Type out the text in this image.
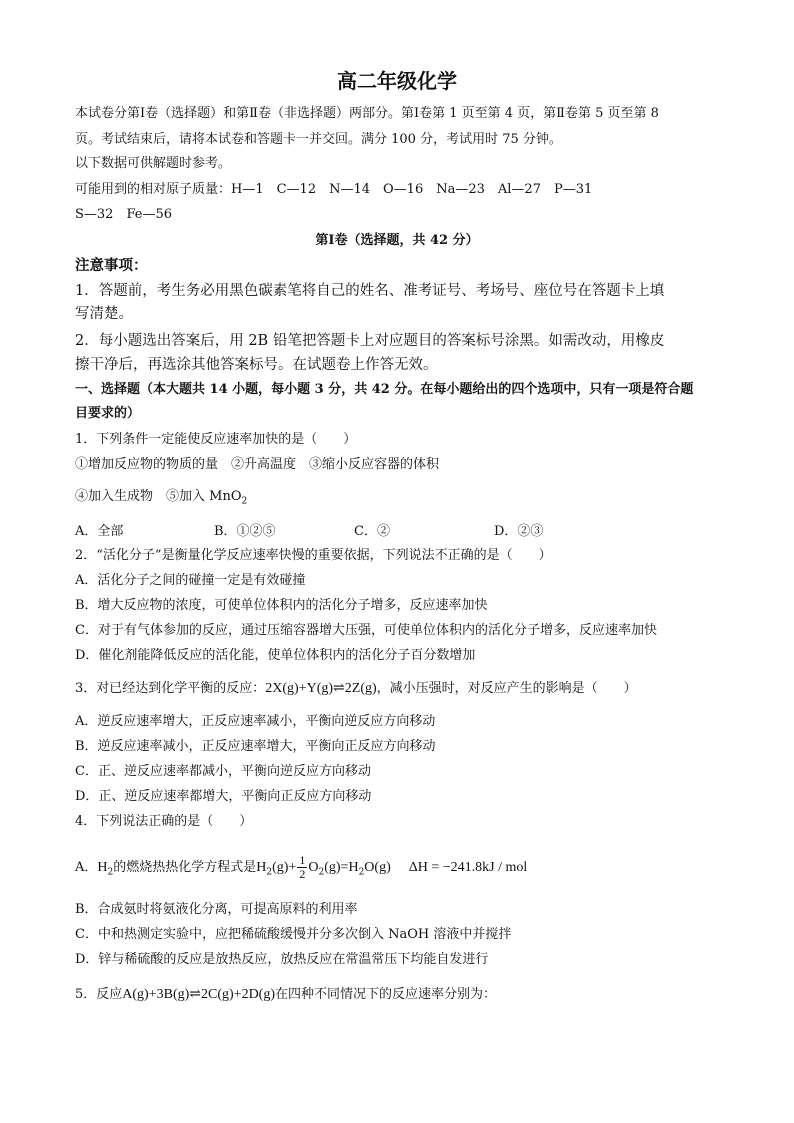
高二年级化学
本试卷分第Ⅰ卷（选择题）和第Ⅱ卷（非选择题）两部分。第Ⅰ卷第 1 页至第 4 页，第Ⅱ卷第 5 页至第 8
页。考试结束后，请将本试卷和答题卡一并交回。满分 100 分，考试用时 75 分钟。
以下数据可供解题时参考。
可能用到的相对原子质量：H—1　C—12　N—14　O—16　Na—23　Al—27　P—31
S—32　Fe—56
第Ⅰ卷（选择题，共 42 分）
注意事项：
1．答题前，考生务必用黑色碳素笔将自己的姓名、准考证号、考场号、座位号在答题卡上填
写清楚。
2．每小题选出答案后，用 2B 铅笔把答题卡上对应题目的答案标号涂黑。如需改动，用橡皮
擦干净后，再选涂其他答案标号。在试题卷上作答无效。
一、选择题（本大题共 14 小题，每小题 3 分，共 42 分。在每小题给出的四个选项中，只有一项是符合题
目要求的）
1．下列条件一定能使反应速率加快的是（　　）
①增加反应物的物质的量　②升高温度　③缩小反应容器的体积
④加入生成物　⑤加入 MnO$_2$
A．全部	B．①②⑤	C．②	D．②③
2．“活化分子”是衡量化学反应速率快慢的重要依据，下列说法不正确的是（　　）
A．活化分子之间的碰撞一定是有效碰撞
B．增大反应物的浓度，可使单位体积内的活化分子增多，反应速率加快
C．对于有气体参加的反应，通过压缩容器增大压强，可使单位体积内的活化分子增多，反应速率加快
D．催化剂能降低反应的活化能，使单位体积内的活化分子百分数增加
3．对已经达到化学平衡的反应：2X(g)+Y(g)⇌2Z(g)，减小压强时，对反应产生的影响是（　　）
A．逆反应速率增大，正反应速率减小，平衡向逆反应方向移动
B．逆反应速率减小，正反应速率增大，平衡向正反应方向移动
C．正、逆反应速率都减小，平衡向逆反应方向移动
D．正、逆反应速率都增大，平衡向正反应方向移动
4．下列说法正确的是（　　）
A．$H_2$的燃烧热热化学方程式是$H_2(g)+ \frac{1}{2} O_2(g)=H_2O(g) \Delta H = -241.8kJ$ / mol
B．合成氨时将氨液化分离，可提高原料的利用率
C．中和热测定实验中，应把稀硫酸缓慢并分多次倒入 NaOH 溶液中并搅拌
D．锌与稀硫酸的反应是放热反应，放热反应在常温常压下均能自发进行
5．反应A(g)+3B(g)⇌2C(g)+2D(g)在四种不同情况下的反应速率分别为：
